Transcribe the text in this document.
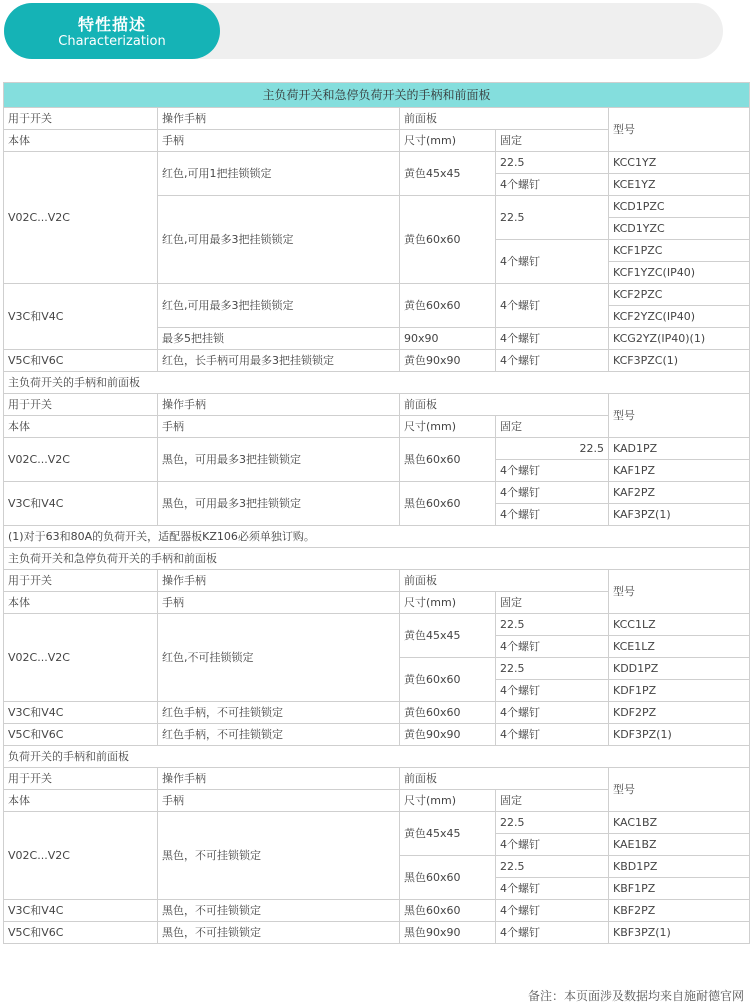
特性描述
Characterization
主负荷开关和急停负荷开关的手柄和前面板				
用于开关	操作手柄	前面板		型号
本体	手柄	尺寸(mm)	固定	
V02C...V2C	红色,可用1把挂锁锁定	黄色45x45	22.5	KCC1YZ
			4个螺钉	KCE1YZ
	红色,可用最多3把挂锁锁定	黄色60x60	22.5	KCD1PZC
				KCD1YZC
			4个螺钉	KCF1PZC
				KCF1YZC(IP40)
V3C和V4C	红色,可用最多3把挂锁锁定	黄色60x60	4个螺钉	KCF2PZC
				KCF2YZC(IP40)
	最多5把挂锁	90x90	4个螺钉	KCG2YZ(IP40)(1)
V5C和V6C	红色，长手柄可用最多3把挂锁锁定	黄色90x90	4个螺钉	KCF3PZC(1)
主负荷开关的手柄和前面板				
用于开关	操作手柄	前面板		型号
本体	手柄	尺寸(mm)	固定	
V02C...V2C	黑色，可用最多3把挂锁锁定	黑色60x60	22.5	KAD1PZ
			4个螺钉	KAF1PZ
V3C和V4C	黑色，可用最多3把挂锁锁定	黑色60x60	4个螺钉	KAF2PZ
			4个螺钉	KAF3PZ(1)
(1)对于63和80A的负荷开关，适配器板KZ106必须单独订购。				
主负荷开关和急停负荷开关的手柄和前面板				
用于开关	操作手柄	前面板		型号
本体	手柄	尺寸(mm)	固定	
V02C...V2C	红色,不可挂锁锁定	黄色45x45	22.5	KCC1LZ
			4个螺钉	KCE1LZ
		黄色60x60	22.5	KDD1PZ
			4个螺钉	KDF1PZ
V3C和V4C	红色手柄，不可挂锁锁定	黄色60x60	4个螺钉	KDF2PZ
V5C和V6C	红色手柄，不可挂锁锁定	黄色90x90	4个螺钉	KDF3PZ(1)
负荷开关的手柄和前面板				
用于开关	操作手柄	前面板		型号
本体	手柄	尺寸(mm)	固定	
V02C...V2C	黑色，不可挂锁锁定	黄色45x45	22.5	KAC1BZ
			4个螺钉	KAE1BZ
		黑色60x60	22.5	KBD1PZ
			4个螺钉	KBF1PZ
V3C和V4C	黑色，不可挂锁锁定	黑色60x60	4个螺钉	KBF2PZ
V5C和V6C	黑色，不可挂锁锁定	黑色90x90	4个螺钉	KBF3PZ(1)
备注：本页面涉及数据均来自施耐德官网
